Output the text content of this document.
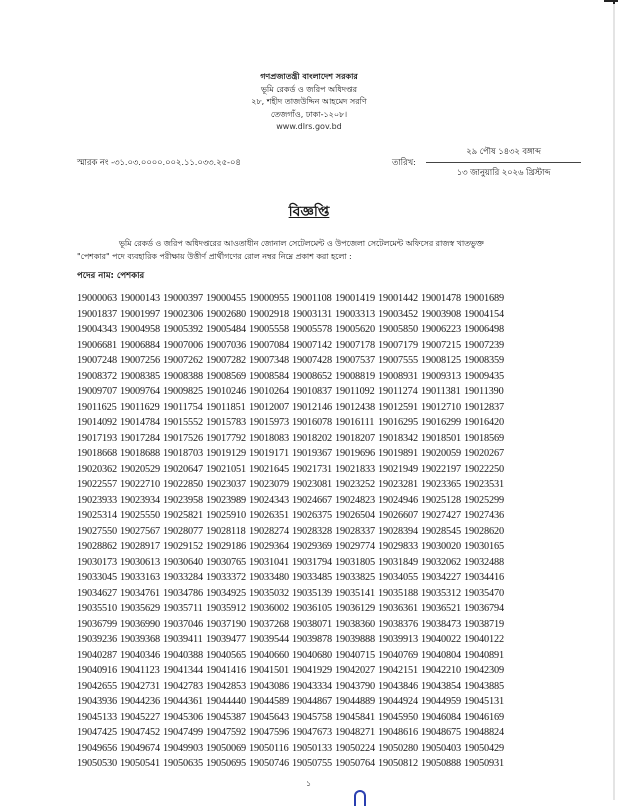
গণপ্রজাতন্ত্রী বাংলাদেশ সরকার
ভূমি রেকর্ড ও জরিপ অধিদপ্তর
২৮, শহীদ তাজউদ্দিন আহমেদ সরণি
তেজগাঁও, ঢাকা-১২০৮।
www.dlrs.gov.bd
স্মারক নং -৩১.০৩.০০০০.০০২.১১.০৩৩.২৫-০৪	তারিখ:
২৯ পৌষ ১৪৩২ বঙ্গাব্দ
১৩ জানুয়ারি ২০২৬ খ্রিস্টাব্দ
বিজ্ঞপ্তি
ভূমি রেকর্ড ও জরিপ অধিদপ্তরের আওতাধীন জোনাল সেটেলমেন্ট ও উপজেলা সেটেলমেন্ট অফিসের রাজস্ব খাতভুক্ত
"পেশকার" পদে ব্যবহারিক পরীক্ষায় উত্তীর্ণ প্রার্থীগণের রোল নম্বর নিম্নে প্রকাশ করা হলো :
পদের নাম: পেশকার
19000063 19000143 19000397 19000455 19000955 19001108 19001419 19001442 19001478 19001689
19001837 19001997 19002306 19002680 19002918 19003131 19003313 19003452 19003908 19004154
19004343 19004958 19005392 19005484 19005558 19005578 19005620 19005850 19006223 19006498
19006681 19006884 19007006 19007036 19007084 19007142 19007178 19007179 19007215 19007239
19007248 19007256 19007262 19007282 19007348 19007428 19007537 19007555 19008125 19008359
19008372 19008385 19008388 19008569 19008584 19008652 19008819 19008931 19009313 19009435
19009707 19009764 19009825 19010246 19010264 19010837 19011092 19011274 19011381 19011390
19011625 19011629 19011754 19011851 19012007 19012146 19012438 19012591 19012710 19012837
19014092 19014784 19015552 19015783 19015973 19016078 19016111 19016295 19016299 19016420
19017193 19017284 19017526 19017792 19018083 19018202 19018207 19018342 19018501 19018569
19018668 19018688 19018703 19019129 19019171 19019367 19019696 19019891 19020059 19020267
19020362 19020529 19020647 19021051 19021645 19021731 19021833 19021949 19022197 19022250
19022557 19022710 19022850 19023037 19023079 19023081 19023252 19023281 19023365 19023531
19023933 19023934 19023958 19023989 19024343 19024667 19024823 19024946 19025128 19025299
19025314 19025550 19025821 19025910 19026351 19026375 19026504 19026607 19027427 19027436
19027550 19027567 19028077 19028118 19028274 19028328 19028337 19028394 19028545 19028620
19028862 19028917 19029152 19029186 19029364 19029369 19029774 19029833 19030020 19030165
19030173 19030613 19030640 19030765 19031041 19031794 19031805 19031849 19032062 19032488
19033045 19033163 19033284 19033372 19033480 19033485 19033825 19034055 19034227 19034416
19034627 19034761 19034786 19034925 19035032 19035139 19035141 19035188 19035312 19035470
19035510 19035629 19035711 19035912 19036002 19036105 19036129 19036361 19036521 19036794
19036799 19036990 19037046 19037190 19037268 19038071 19038360 19038376 19038473 19038719
19039236 19039368 19039411 19039477 19039544 19039878 19039888 19039913 19040022 19040122
19040287 19040346 19040388 19040565 19040660 19040680 19040715 19040769 19040804 19040891
19040916 19041123 19041344 19041416 19041501 19041929 19042027 19042151 19042210 19042309
19042655 19042731 19042783 19042853 19043086 19043334 19043790 19043846 19043854 19043885
19043936 19044236 19044361 19044440 19044589 19044867 19044889 19044924 19044959 19045131
19045133 19045227 19045306 19045387 19045643 19045758 19045841 19045950 19046084 19046169
19047425 19047452 19047499 19047592 19047596 19047673 19048271 19048616 19048675 19048824
19049656 19049674 19049903 19050069 19050116 19050133 19050224 19050280 19050403 19050429
19050530 19050541 19050635 19050695 19050746 19050755 19050764 19050812 19050888 19050931
১
